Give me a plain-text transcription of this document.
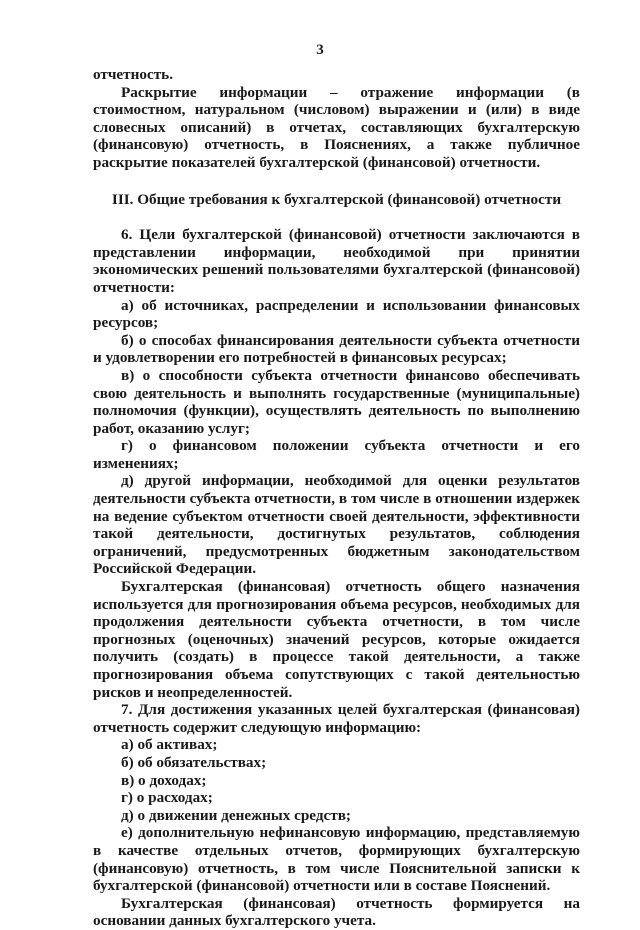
3

отчетность.

Раскрытие информации – отражение информации (в стоимостном, натуральном (числовом) выражении и (или) в виде словесных описаний) в отчетах, составляющих бухгалтерскую (финансовую) отчетность, в Пояснениях, а также публичное раскрытие показателей бухгалтерской (финансовой) отчетности.

III. Общие требования к бухгалтерской (финансовой) отчетности

6. Цели бухгалтерской (финансовой) отчетности заключаются в представлении информации, необходимой при принятии экономических решений пользователями бухгалтерской (финансовой) отчетности:

а) об источниках, распределении и использовании финансовых ресурсов;

б) о способах финансирования деятельности субъекта отчетности и удовлетворении его потребностей в финансовых ресурсах;

в) о способности субъекта отчетности финансово обеспечивать свою деятельность и выполнять государственные (муниципальные) полномочия (функции), осуществлять деятельность по выполнению работ, оказанию услуг;

г) о финансовом положении субъекта отчетности и его изменениях;

д) другой информации, необходимой для оценки результатов деятельности субъекта отчетности, в том числе в отношении издержек на ведение субъектом отчетности своей деятельности, эффективности такой деятельности, достигнутых результатов, соблюдения ограничений, предусмотренных бюджетным законодательством Российской Федерации.

Бухгалтерская (финансовая) отчетность общего назначения используется для прогнозирования объема ресурсов, необходимых для продолжения деятельности субъекта отчетности, в том числе прогнозных (оценочных) значений ресурсов, которые ожидается получить (создать) в процессе такой деятельности, а также прогнозирования объема сопутствующих с такой деятельностью рисков и неопределенностей.

7. Для достижения указанных целей бухгалтерская (финансовая) отчетность содержит следующую информацию:

а) об активах;

б) об обязательствах;

в) о доходах;

г) о расходах;

д) о движении денежных средств;

е) дополнительную нефинансовую информацию, представляемую в качестве отдельных отчетов, формирующих бухгалтерскую (финансовую) отчетность, в том числе Пояснительной записки к бухгалтерской (финансовой) отчетности или в составе Пояснений.

Бухгалтерская (финансовая) отчетность формируется на основании данных бухгалтерского учета.
